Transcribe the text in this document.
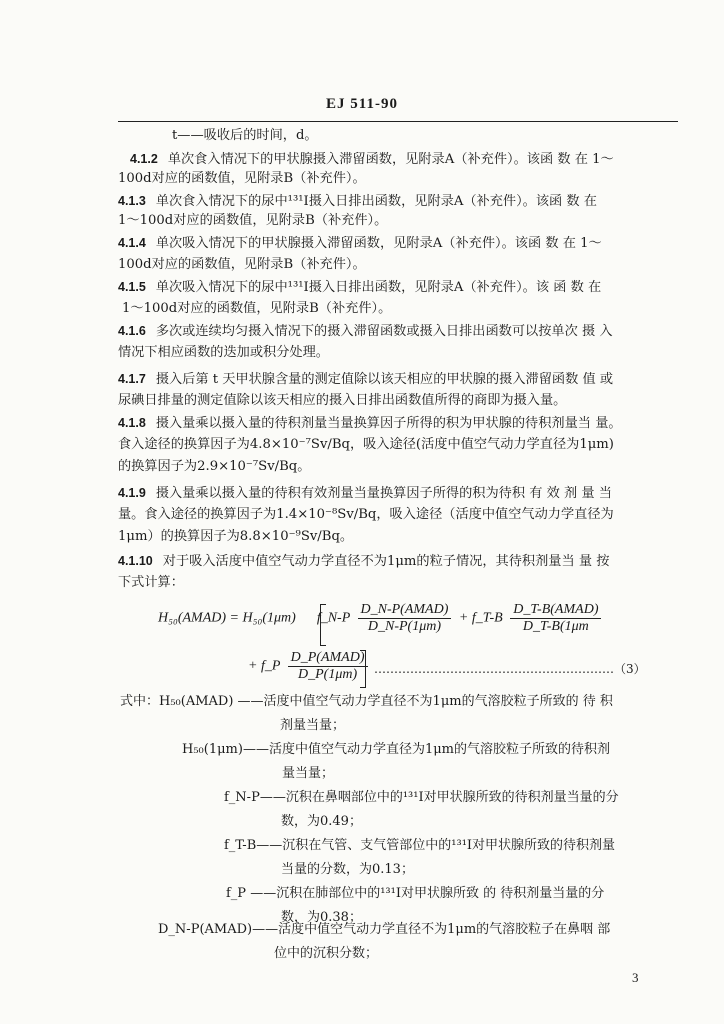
EJ 511-90
t——吸收后的时间，d。
4.1.2 单次食入情况下的甲状腺摄入滞留函数，见附录A（补充件）。该函 数 在 1～
100d对应的函数值，见附录B（补充件）。
4.1.3 单次食入情况下的尿中¹³¹I摄入日排出函数，见附录A（补充件）。该函 数 在
1～100d对应的函数值，见附录B（补充件）。
4.1.4 单次吸入情况下的甲状腺摄入滞留函数，见附录A（补充件）。该函 数 在 1～
100d对应的函数值，见附录B（补充件）。
4.1.5 单次吸入情况下的尿中¹³¹I摄入日排出函数，见附录A（补充件）。该 函 数 在
1～100d对应的函数值，见附录B（补充件）。
4.1.6 多次或连续均匀摄入情况下的摄入滞留函数或摄入日排出函数可以按单次 摄 入
情况下相应函数的迭加或积分处理。
4.1.7 摄入后第 t 天甲状腺含量的测定值除以该天相应的甲状腺的摄入滞留函数 值 或
尿碘日排量的测定值除以该天相应的摄入日排出函数值所得的商即为摄入量。
4.1.8 摄入量乘以摄入量的待积剂量当量换算因子所得的积为甲状腺的待积剂量当 量。
食入途径的换算因子为4.8×10⁻⁷Sv/Bq，吸入途径(活度中值空气动力学直径为1μm)
的换算因子为2.9×10⁻⁷Sv/Bq。
4.1.9 摄入量乘以摄入量的待积有效剂量当量换算因子所得的积为待积 有 效 剂 量 当
量。食入途径的换算因子为1.4×10⁻⁸Sv/Bq，吸入途径（活度中值空气动力学直径为
1μm）的换算因子为8.8×10⁻⁹Sv/Bq。
4.1.10 对于吸入活度中值空气动力学直径不为1μm的粒子情况，其待积剂量当 量 按
下式计算：
H₅₀(AMAD) = H₅₀(1μm) f_N-P $\frac{\text{D\_N-P(AMAD)}}{D\_N-P(1\mu m)}$ + f_T-B $\frac{\text{D\_T-B(AMAD)}}{D\_T-B(1\mu m}$
+ f_P $\frac{\text{D\_P(AMAD)}}{D\_P(1\mu m)}$ ……………………………………………………（3）
式中：H₅₀(AMAD) ——活度中值空气动力学直径不为1μm的气溶胶粒子所致的 待 积
剂量当量；
H₅₀(1μm)——活度中值空气动力学直径为1μm的气溶胶粒子所致的待积剂
量当量；
f_N-P——沉积在鼻咽部位中的¹³¹I对甲状腺所致的待积剂量当量的分
数，为0.49；
f_T-B——沉积在气管、支气管部位中的¹³¹I对甲状腺所致的待积剂量
当量的分数，为0.13；
f_P ——沉积在肺部位中的¹³¹I对甲状腺所致 的 待积剂量当量的分
数，为0.38；
D_N-P(AMAD)——活度中值空气动力学直径不为1μm的气溶胶粒子在鼻咽 部
位中的沉积分数；
3
